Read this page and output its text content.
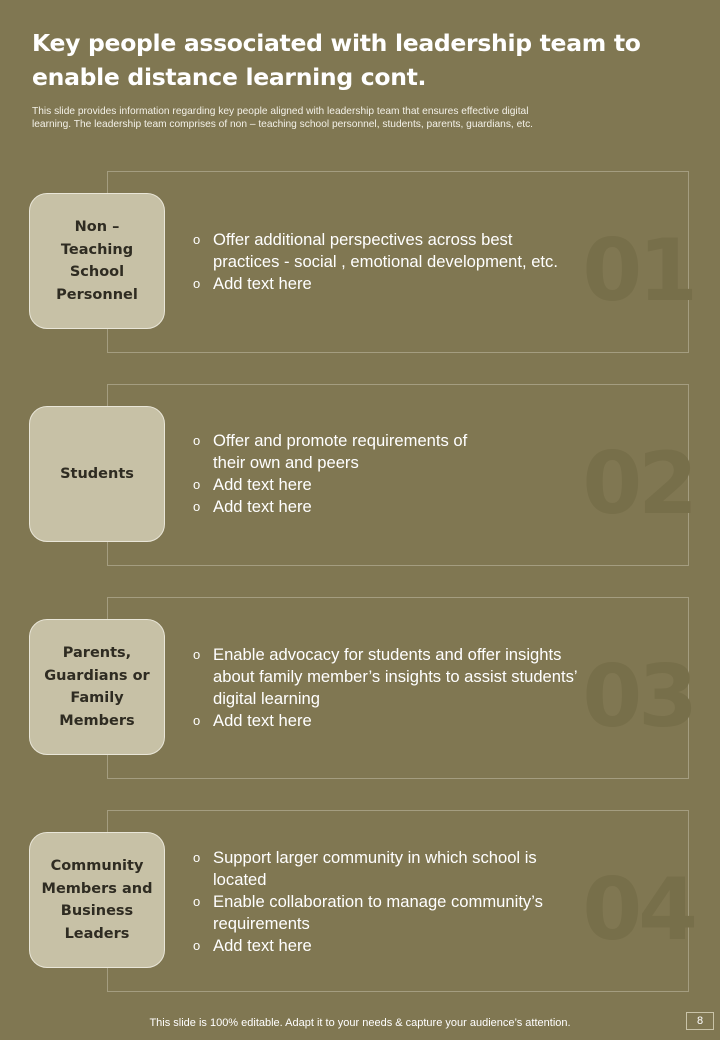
Key people associated with leadership team to
enable distance learning cont.
This slide provides information regarding key people aligned with leadership team that ensures effective digital
learning. The leadership team comprises of non – teaching school personnel, students, parents, guardians, etc.
01
Non –
Teaching
School
Personnel
o Offer additional perspectives across best
practices - social , emotional development, etc.
o Add text here
02
Students
o Offer and promote requirements of
their own and peers
o Add text here
o Add text here
03
Parents,
Guardians or
Family
Members
o Enable advocacy for students and offer insights
about family member’s insights to assist students’
digital learning
o Add text here
04
Community
Members and
Business
Leaders
o Support larger community in which school is
located
o Enable collaboration to manage community’s
requirements
o Add text here
This slide is 100% editable. Adapt it to your needs & capture your audience’s attention.	8
